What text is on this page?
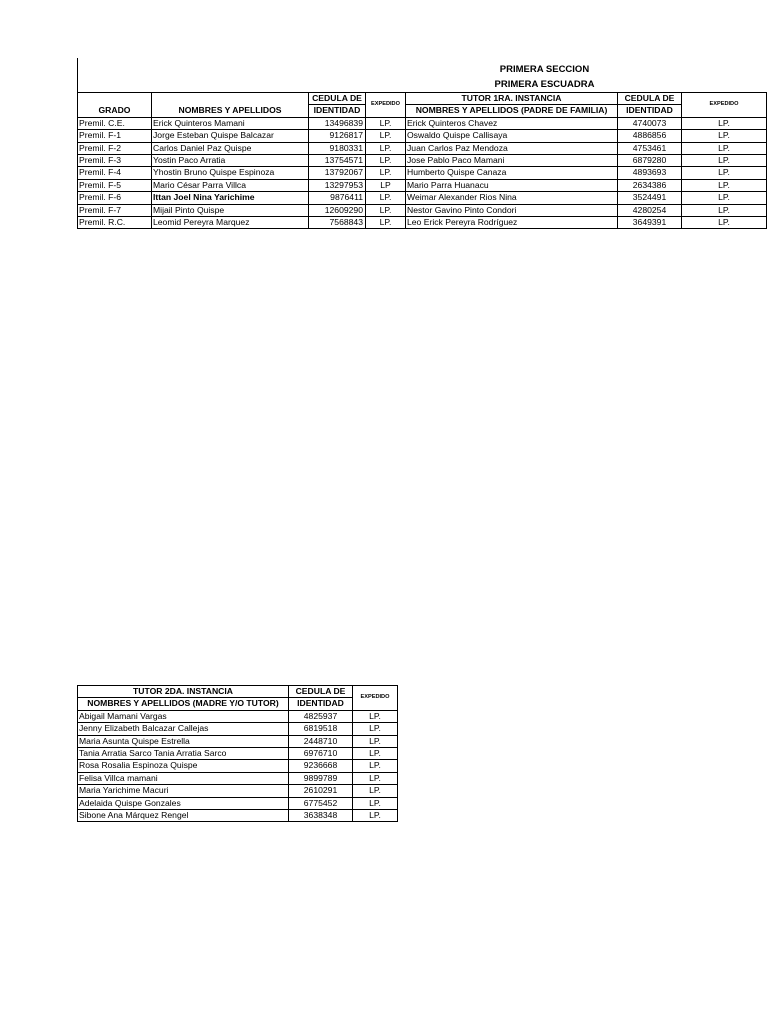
PRIMERA SECCION
PRIMERA ESCUADRA
		CEDULA DE	EXPEDIDO	TUTOR 1RA. INSTANCIA	CEDULA DE	EXPEDIDO
GRADO	NOMBRES Y APELLIDOS	IDENTIDAD		NOMBRES Y APELLIDOS (PADRE DE FAMILIA)	IDENTIDAD	
Premil. C.E.	Erick Quinteros Mamani	13496839	LP.	Erick Quinteros Chavez	4740073	LP.
Premil. F-1	Jorge Esteban Quispe Balcazar	9126817	LP.	Oswaldo Quispe Callisaya	4886856	LP.
Premil. F-2	Carlos Daniel Paz Quispe	9180331	LP.	Juan Carlos Paz Mendoza	4753461	LP.
Premil. F-3	Yostin Paco Arratia	13754571	LP.	Jose Pablo Paco Mamani	6879280	LP.
Premil. F-4	Yhostin Bruno Quispe Espinoza	13792067	LP.	Humberto Quispe Canaza	4893693	LP.
Premil. F-5	Mario César Parra Villca	13297953	LP	Mario Parra Huanacu	2634386	LP.
Premil. F-6	Ittan Joel Nina Yarichime	9876411	LP.	Weimar Alexander Rios Nina	3524491	LP.
Premil. F-7	Mijail Pinto Quispe	12609290	LP.	Nestor Gavino Pinto Condori	4280254	LP.
Premil. R.C.	Leomid Pereyra Marquez	7568843	LP.	Leo Erick Pereyra Rodríguez	3649391	LP.
TUTOR 2DA. INSTANCIA	CEDULA DE	EXPEDIDO
NOMBRES Y APELLIDOS (MADRE Y/O TUTOR)	IDENTIDAD	
Abigail Mamani Vargas	4825937	LP.
Jenny Elizabeth Balcazar Callejas	6819518	LP.
Maria Asunta Quispe Estrella	2448710	LP.
Tania Arratia Sarco Tania Arratia Sarco	6976710	LP.
Rosa Rosalia Espinoza Quispe	9236668	LP.
Felisa Villca mamani	9899789	LP.
Maria Yarichime Macuri	2610291	LP.
Adelaida Quispe Gonzales	6775452	LP.
Sibone Ana Márquez Rengel	3638348	LP.
